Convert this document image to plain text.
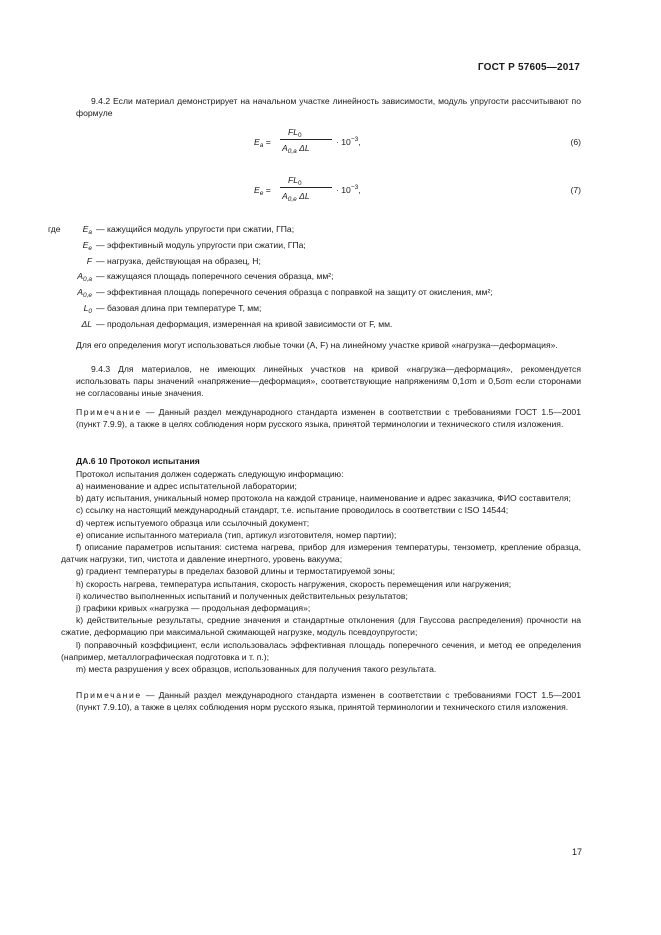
ГОСТ Р 57605—2017
9.4.2 Если материал демонстрирует на начальном участке линейность зависимости, модуль упругости рассчитывают по формуле
$E_a$ =
$FL_0$
$A_{0,a}$ ΔL
· $10^{-3}$,	(6)
$E_e$ =
$FL_0$
$A_{0,e}$ ΔL
· $10^{-3}$,	(7)
где	$E_a$ — кажущийся модуль упругости при сжатии, ГПа;
$E_e$ — эффективный модуль упругости при сжатии, ГПа;
F — нагрузка, действующая на образец, Н;
$A_{0,a}$ — кажущаяся площадь поперечного сечения образца, мм²;
$A_{0,e}$ — эффективная площадь поперечного сечения образца с поправкой на защиту от окисления, мм²;
$L_0$ — базовая длина при температуре T, мм;
ΔL — продольная деформация, измеренная на кривой зависимости от F, мм.
Для его определения могут использоваться любые точки (A, F) на линейному участке кривой «нагрузка—деформация».
9.4.3 Для материалов, не имеющих линейных участков на кривой «нагрузка—деформация», рекомендуется использовать пары значений «напряжение—деформация», соответствующие напряжениям 0,1σm и 0,5σm если сторонами не согласованы иные значения.
Примечание — Данный раздел международного стандарта изменен в соответствии с требованиями ГОСТ 1.5—2001 (пункт 7.9.9), а также в целях соблюдения норм русского языка, принятой терминологии и технического стиля изложения.
ДА.6 10 Протокол испытания
Протокол испытания должен содержать следующую информацию:
a) наименование и адрес испытательной лаборатории;
b) дату испытания, уникальный номер протокола на каждой странице, наименование и адрес заказчика, ФИО составителя;
c) ссылку на настоящий международный стандарт, т.е. испытание проводилось в соответствии с ISO 14544;
d) чертеж испытуемого образца или ссылочный документ;
e) описание испытанного материала (тип, артикул изготовителя, номер партии);
f) описание параметров испытания: система нагрева, прибор для измерения температуры, тензометр, крепление образца, датчик нагрузки, тип, чистота и давление инертного, уровень вакуума;
g) градиент температуры в пределах базовой длины и термостатируемой зоны;
h) скорость нагрева, температура испытания, скорость нагружения, скорость перемещения или нагружения;
i) количество выполненных испытаний и полученных действительных результатов;
j) графики кривых «нагрузка — продольная деформация»;
k) действительные результаты, средние значения и стандартные отклонения (для Гауссова распределения) прочности на сжатие, деформацию при максимальной сжимающей нагрузке, модуль псевдоупругости;
l) поправочный коэффициент, если использовалась эффективная площадь поперечного сечения, и метод ее определения (например, металлографическая подготовка и т. п.);
m) места разрушения у всех образцов, использованных для получения такого результата.
Примечание — Данный раздел международного стандарта изменен в соответствии с требованиями ГОСТ 1.5—2001 (пункт 7.9.10), а также в целях соблюдения норм русского языка, принятой терминологии и технического стиля изложения.
17
